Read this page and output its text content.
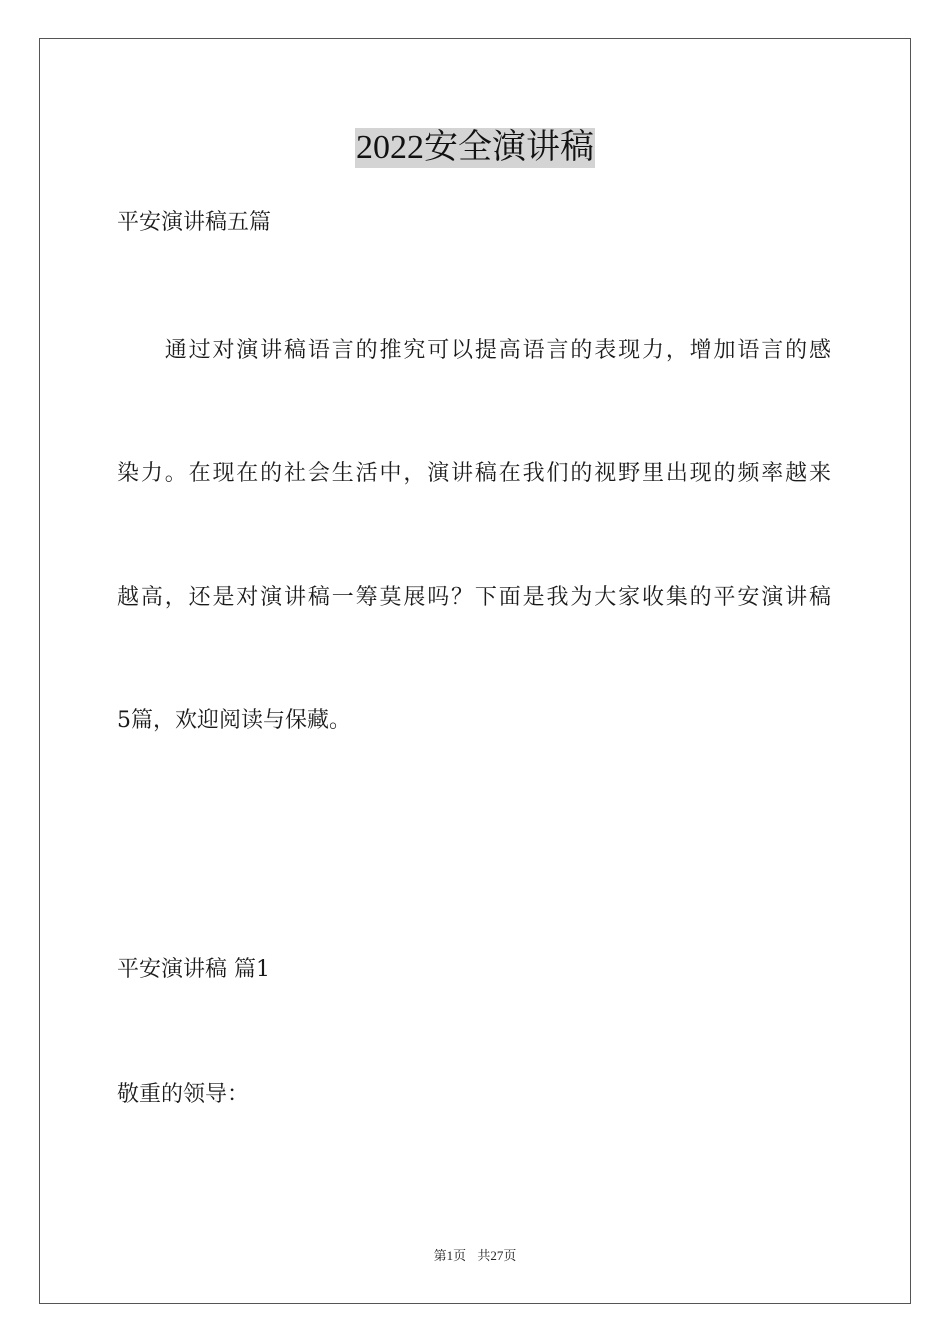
2022安全演讲稿
平安演讲稿五篇
　　通过对演讲稿语言的推究可以提高语言的表现力，增加语言的感
染力。在现在的社会生活中，演讲稿在我们的视野里出现的频率越来
越高，还是对演讲稿一筹莫展吗？下面是我为大家收集的平安演讲稿
5篇，欢迎阅读与保藏。
平安演讲稿 篇1
敬重的领导：
第1页 共27页
